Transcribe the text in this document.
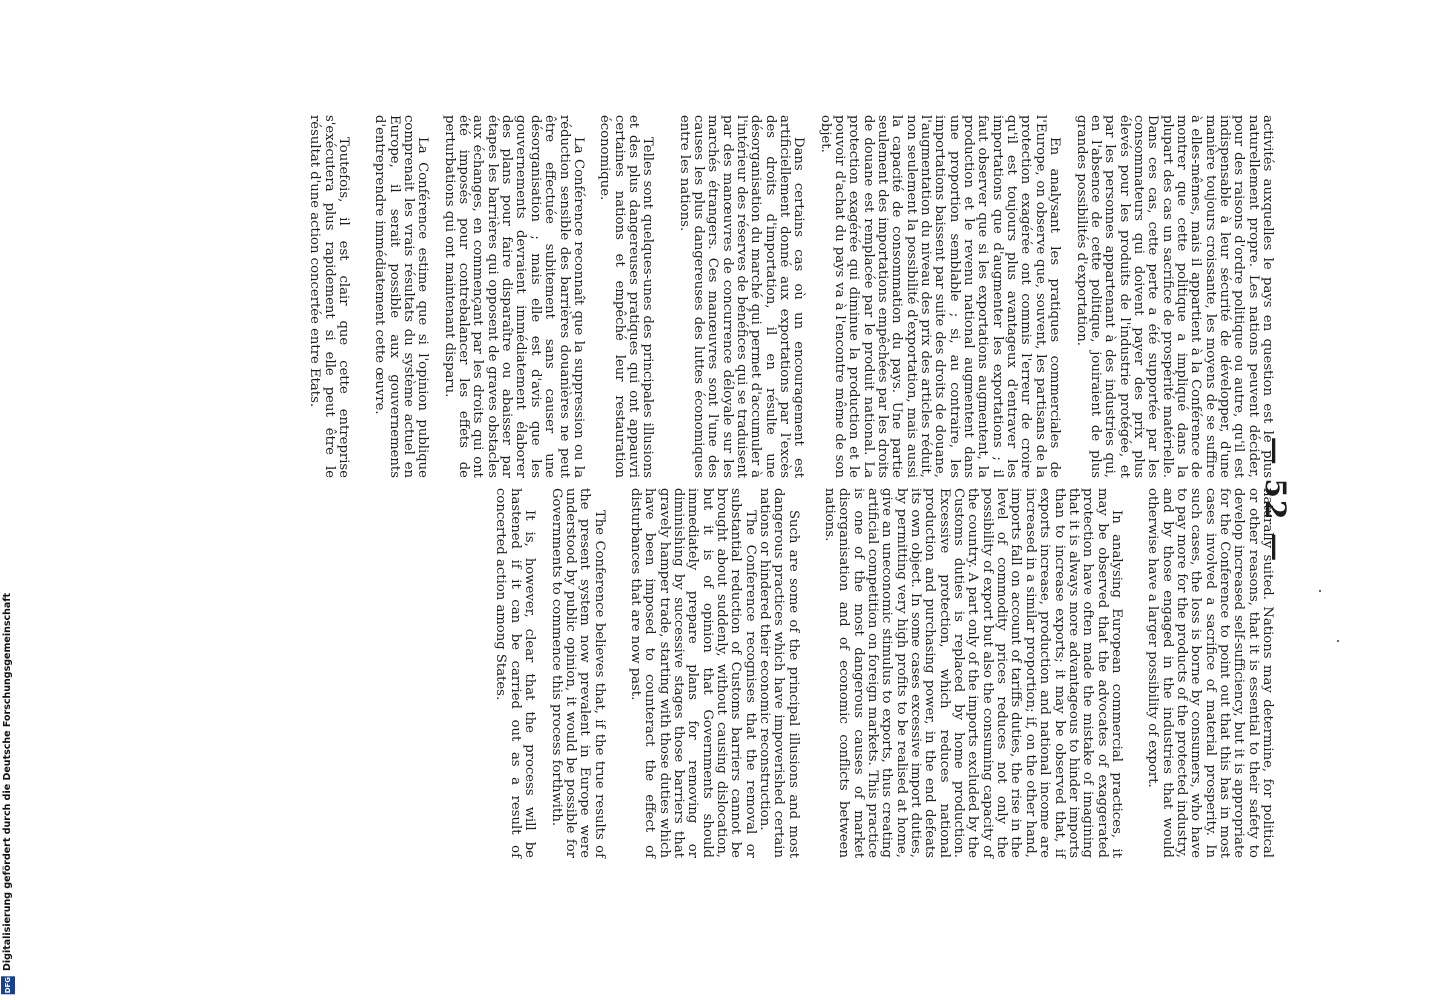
— 52 —

activités auxquelles le pays en question est le plus naturellement propre. Les nations peuvent décider, pour des raisons d'ordre politique ou autre, qu'il est indispensable à leur sécurité de développer, d'une manière toujours croissante, les moyens de se suffire à elles-mêmes, mais il appartient à la Conférence de montrer que cette politique a impliqué dans la plupart des cas un sacrifice de prospérité matérielle. Dans ces cas, cette perte a été supportée par les consommateurs qui doivent payer des prix plus élevés pour les produits de l'industrie protégée, et par les personnes appartenant à des industries qui, en l'absence de cette politique, jouiraient de plus grandes possibilités d'exportation.

En analysant les pratiques commerciales de l'Europe, on observe que, souvent, les partisans de la protection exagérée ont commis l'erreur de croire qu'il est toujours plus avantageux d'entraver les importations que d'augmenter les exportations ; il faut observer que si les exportations augmentent, la production et le revenu national augmentent dans une proportion semblable ; si, au contraire, les importations baissent par suite des droits de douane, l'augmentation du niveau des prix des articles réduit, non seulement la possibilité d'exportation, mais aussi la capacité de consommation du pays. Une partie seulement des importations empêchées par les droits de douane est remplacée par le produit national. La protection exagérée qui diminue la production et le pouvoir d'achat du pays va à l'encontre même de son objet.

Dans certains cas où un encouragement est artificiellement donné aux exportations par l'excès des droits d'importation, il en résulte une désorganisation du marché qui permet d'accumuler à l'intérieur des réserves de bénéfices qui se traduisent par des manœuvres de concurrence déloyale sur les marchés étrangers. Ces manœuvres sont l'une des causes les plus dangereuses des luttes économiques entre les nations.

Telles sont quelques-unes des principales illusions et des plus dangereuses pratiques qui ont appauvri certaines nations et empêché leur restauration économique.

La Conférence reconnaît que la suppression ou la réduction sensible des barrières douanières ne peut être effectuée subitement sans causer une désorganisation ; mais elle est d'avis que les gouvernements devraient immédiatement élaborer des plans pour faire disparaître ou abaisser par étapes les barrières qui opposent de graves obstacles aux échanges, en commençant par les droits qui ont été imposés pour contrebalancer les effets de perturbations qui ont maintenant disparu.

La Conférence estime que si l'opinion publique comprenait les vrais résultats du système actuel en Europe, il serait possible aux gouvernements d'entreprendre immédiatement cette œuvre.

Toutefois, il est clair que cette entreprise s'exécutera plus rapidement si elle peut être le résultat d'une action concertée entre Etats.

naturally suited. Nations may determine, for political or other reasons, that it is essential to their safety to develop increased self-sufficiency, but it is appropriate for the Conference to point out that this has in most cases involved a sacrifice of material prosperity. In such cases, the loss is borne by consumers, who have to pay more for the products of the protected industry, and by those engaged in the industries that would otherwise have a larger possibility of export.

In analysing European commercial practices, it may be observed that the advocates of exaggerated protection have often made the mistake of imagining that it is always more advantageous to hinder imports than to increase exports; it may be observed that, if exports increase, production and national income are increased in a similar proportion; if, on the other hand, imports fall on account of tariffs duties, the rise in the level of commodity prices reduces not only the possibility of export but also the consuming capacity of the country. A part only of the imports excluded by the Customs duties is replaced by home production. Excessive protection, which reduces national production and purchasing power, in the end defeats its own object. In some cases excessive import duties, by permitting very high profits to be realised at home, give an uneconomic stimulus to exports, thus creating artificial competition on foreign markets. This practice is one of the most dangerous causes of market disorganisation and of economic conflicts between nations.

Such are some of the principal illusions and most dangerous practices which have impoverished certain nations or hindered their economic reconstruction.

The Conference recognises that the removal or substantial reduction of Customs barriers cannot be brought about suddenly, without causing dislocation, but it is of opinion that Governments should immediately prepare plans for removing or diminishing by successive stages those barriers that gravely hamper trade, starting with those duties which have been imposed to counteract the effect of disturbances that are now past.

The Conference believes that, if the true results of the present system now prevalent in Europe were understood by public opinion, it would be possible for Governments to commence this process forthwith.

It is, however, clear that the process will be hastened if it can be carried out as a result of concerted action among States.

DFG Digitalisierung gefördert durch die Deutsche Forschungsgemeinschaft
